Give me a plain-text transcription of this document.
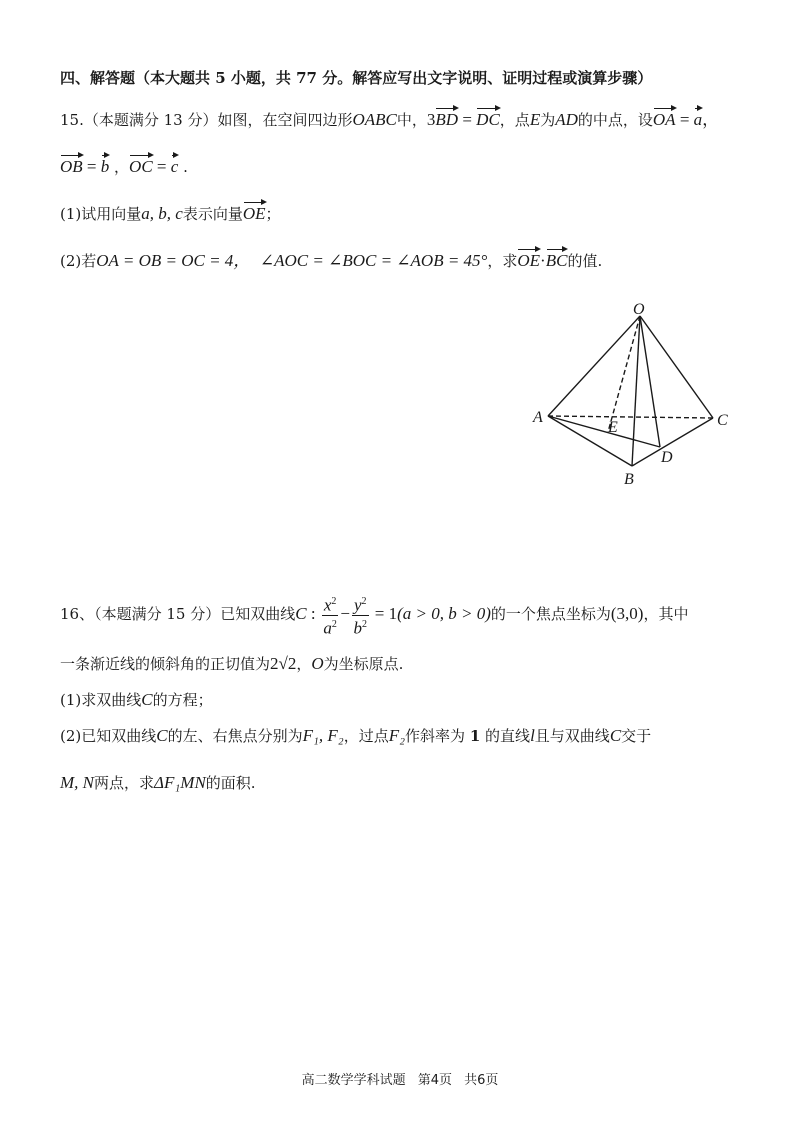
四、解答题（本大题共 5 小题，共 77 分。解答应写出文字说明、证明过程或演算步骤）
15.（本题满分 13 分）如图，在空间四边形OABC中，3BD = DC，点E为AD的中点，设OA = a，
OB = b ，OC = c .
(1)试用向量a, b, c表示向量OE；
(2)若OA = OB = OC = 4， ∠AOC = ∠BOC = ∠AOB = 45°，求OE·BC的值.
O
A	C
E
D
B
16、（本题满分 15 分）已知双曲线C : $\frac{x^2}{a^2} - \frac{y^2}{b^2} = 1(a > 0$, b > 0)的一个焦点坐标为(3,0)，其中
一条渐近线的倾斜角的正切值为2√2，O为坐标原点.
(1)求双曲线C的方程；
(2)已知双曲线C的左、右焦点分别为F₁, F₂，过点F₂作斜率为 1 的直线l且与双曲线C交于
M, N两点，求ΔF₁MN的面积.
高二数学学科试题 第4页 共6页
